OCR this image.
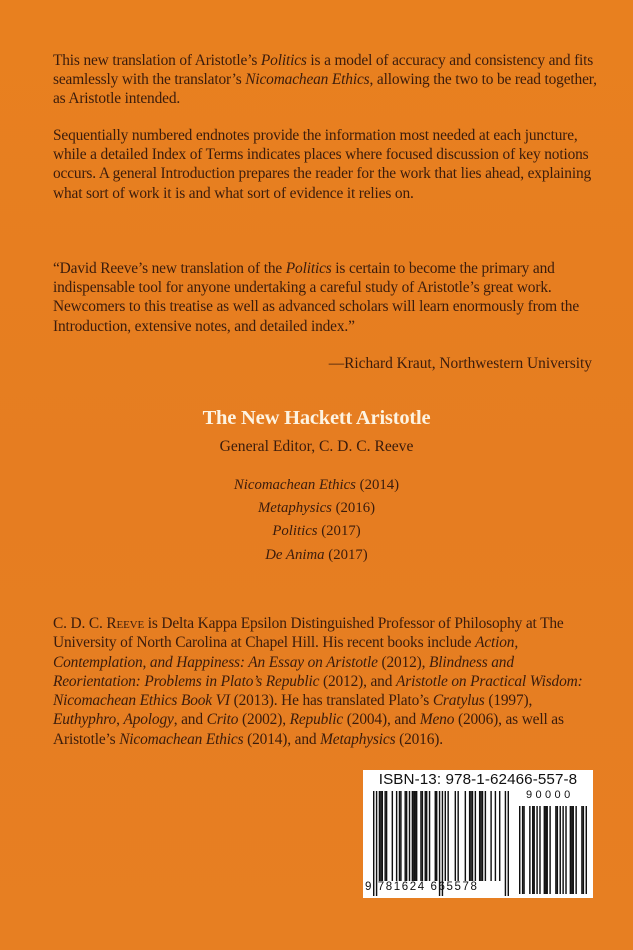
This new translation of Aristotle’s Politics is a model of accuracy and consistency and fits seamlessly with the translator’s Nicomachean Ethics, allowing the two to be read together, as Aristotle intended.

Sequentially numbered endnotes provide the information most needed at each juncture, while a detailed Index of Terms indicates places where focused discussion of key notions occurs. A general Introduction prepares the reader for the work that lies ahead, explaining what sort of work it is and what sort of evidence it relies on.

“David Reeve’s new translation of the Politics is certain to become the primary and indispensable tool for anyone undertaking a careful study of Aristotle’s great work. Newcomers to this treatise as well as advanced scholars will learn enormously from the Introduction, extensive notes, and detailed index.”

—Richard Kraut, Northwestern University
The New Hackett Aristotle
General Editor, C. D. C. Reeve
Nicomachean Ethics (2014)
Metaphysics (2016)
Politics (2017)
De Anima (2017)

C. D. C. Reeve is Delta Kappa Epsilon Distinguished Professor of Philosophy at The University of North Carolina at Chapel Hill. His recent books include Action, Contemplation, and Happiness: An Essay on Aristotle (2012), Blindness and Reorientation: Problems in Plato’s Republic (2012), and Aristotle on Practical Wisdom: Nicomachean Ethics Book VI (2013). He has translated Plato’s Cratylus (1997), Euthyphro, Apology, and Crito (2002), Republic (2004), and Meno (2006), as well as Aristotle’s Nicomachean Ethics (2014), and Metaphysics (2016).

ISBN-13: 978-1-62466-557-8
90000
9 781624 665578
